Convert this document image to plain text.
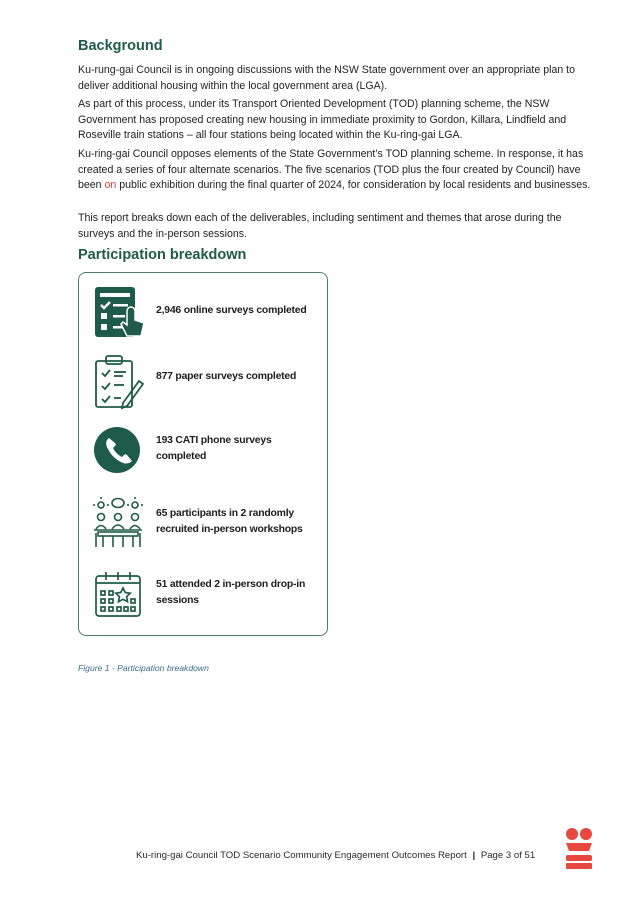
Background

Ku-rung-gai Council is in ongoing discussions with the NSW State government over an appropriate plan to deliver additional housing within the local government area (LGA).

As part of this process, under its Transport Oriented Development (TOD) planning scheme, the NSW Government has proposed creating new housing in immediate proximity to Gordon, Killara, Lindfield and Roseville train stations – all four stations being located within the Ku-ring-gai LGA.

Ku-ring-gai Council opposes elements of the State Government’s TOD planning scheme. In response, it has created a series of four alternate scenarios. The five scenarios (TOD plus the four created by Council) have been on public exhibition during the final quarter of 2024, for consideration by local residents and businesses.

This report breaks down each of the deliverables, including sentiment and themes that arose during the surveys and the in-person sessions.

Participation breakdown
2,946 online surveys completed
877 paper surveys completed
193 CATI phone surveys completed
65 participants in 2 randomly recruited in-person workshops
51 attended 2 in-person drop-in sessions

Figure 1 - Participation breakdown

Ku-ring-gai Council TOD Scenario Community Engagement Outcomes Report | Page 3 of 51
